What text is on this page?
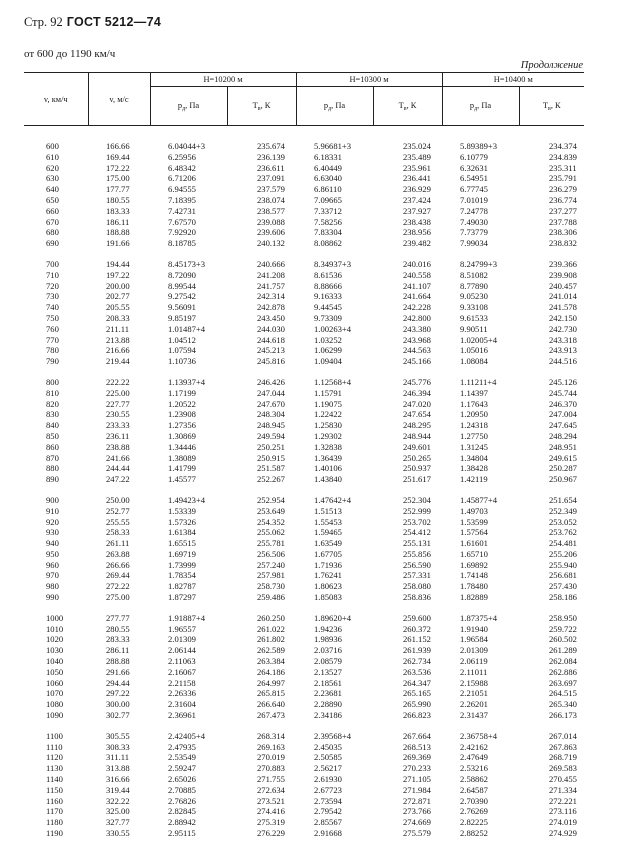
Стр. 92 ГОСТ 5212—74
от 600 до 1190 км/ч
Продолжение
v, км/ч	v, м/с	Н=10200 м		Н=10300 м		Н=10400 м	
		$p_д$, Па	$T_в$, К	$p_д$, Па	$T_в$, К	$p_д$, Па	$T_в$, К

600	166.66	6.04044+3	235.674	5.96681+3	235.024	5.89389+3	234.374
610	169.44	6.25956	236.139	6.18331	235.489	6.10779	234.839
620	172.22	6.48342	236.611	6.40449	235.961	6.32631	235.311
630	175.00	6.71206	237.091	6.63040	236.441	6.54951	235.791
640	177.77	6.94555	237.579	6.86110	236.929	6.77745	236.279
650	180.55	7.18395	238.074	7.09665	237.424	7.01019	236.774
660	183.33	7.42731	238.577	7.33712	237.927	7.24778	237.277
670	186.11	7.67570	239.088	7.58256	238.438	7.49030	237.788
680	188.88	7.92920	239.606	7.83304	238.956	7.73779	238.306
690	191.66	8.18785	240.132	8.08862	239.482	7.99034	238.832

700	194.44	8.45173+3	240.666	8.34937+3	240.016	8.24799+3	239.366
710	197.22	8.72090	241.208	8.61536	240.558	8.51082	239.908
720	200.00	8.99544	241.757	8.88666	241.107	8.77890	240.457
730	202.77	9.27542	242.314	9.16333	241.664	9.05230	241.014
740	205.55	9.56091	242.878	9.44545	242.228	9.33108	241.578
750	208.33	9.85197	243.450	9.73309	242.800	9.61533	242.150
760	211.11	1.01487+4	244.030	1.00263+4	243.380	9.90511	242.730
770	213.88	1.04512	244.618	1.03252	243.968	1.02005+4	243.318
780	216.66	1.07594	245.213	1.06299	244.563	1.05016	243.913
790	219.44	1.10736	245.816	1.09404	245.166	1.08084	244.516

800	222.22	1.13937+4	246.426	1.12568+4	245.776	1.11211+4	245.126
810	225.00	1.17199	247.044	1.15791	246.394	1.14397	245.744
820	227.77	1.20522	247.670	1.19075	247.020	1.17643	246.370
830	230.55	1.23908	248.304	1.22422	247.654	1.20950	247.004
840	233.33	1.27356	248.945	1.25830	248.295	1.24318	247.645
850	236.11	1.30869	249.594	1.29302	248.944	1.27750	248.294
860	238.88	1.34446	250.251	1.32838	249.601	1.31245	248.951
870	241.66	1.38089	250.915	1.36439	250.265	1.34804	249.615
880	244.44	1.41799	251.587	1.40106	250.937	1.38428	250.287
890	247.22	1.45577	252.267	1.43840	251.617	1.42119	250.967

900	250.00	1.49423+4	252.954	1.47642+4	252.304	1.45877+4	251.654
910	252.77	1.53339	253.649	1.51513	252.999	1.49703	252.349
920	255.55	1.57326	254.352	1.55453	253.702	1.53599	253.052
930	258.33	1.61384	255.062	1.59465	254.412	1.57564	253.762
940	261.11	1.65515	255.781	1.63549	255.131	1.61601	254.481
950	263.88	1.69719	256.506	1.67705	255.856	1.65710	255.206
960	266.66	1.73999	257.240	1.71936	256.590	1.69892	255.940
970	269.44	1.78354	257.981	1.76241	257.331	1.74148	256.681
980	272.22	1.82787	258.730	1.80623	258.080	1.78480	257.430
990	275.00	1.87297	259.486	1.85083	258.836	1.82889	258.186

1000	277.77	1.91887+4	260.250	1.89620+4	259.600	1.87375+4	258.950
1010	280.55	1.96557	261.022	1.94236	260.372	1.91940	259.722
1020	283.33	2.01309	261.802	1.98936	261.152	1.96584	260.502
1030	286.11	2.06144	262.589	2.03716	261.939	2.01309	261.289
1040	288.88	2.11063	263.384	2.08579	262.734	2.06119	262.084
1050	291.66	2.16067	264.186	2.13527	263.536	2.11011	262.886
1060	294.44	2.21158	264.997	2.18561	264.347	2.15988	263.697
1070	297.22	2.26336	265.815	2.23681	265.165	2.21051	264.515
1080	300.00	2.31604	266.640	2.28890	265.990	2.26201	265.340
1090	302.77	2.36961	267.473	2.34186	266.823	2.31437	266.173

1100	305.55	2.42405+4	268.314	2.39568+4	267.664	2.36758+4	267.014
1110	308.33	2.47935	269.163	2.45035	268.513	2.42162	267.863
1120	311.11	2.53549	270.019	2.50585	269.369	2.47649	268.719
1130	313.88	2.59247	270.883	2.56217	270.233	2.53216	269.583
1140	316.66	2.65026	271.755	2.61930	271.105	2.58862	270.455
1150	319.44	2.70885	272.634	2.67723	271.984	2.64587	271.334
1160	322.22	2.76826	273.521	2.73594	272.871	2.70390	272.221
1170	325.00	2.82845	274.416	2.79542	273.766	2.76269	273.116
1180	327.77	2.88942	275.319	2.85567	274.669	2.82225	274.019
1190	330.55	2.95115	276.229	2.91668	275.579	2.88252	274.929
